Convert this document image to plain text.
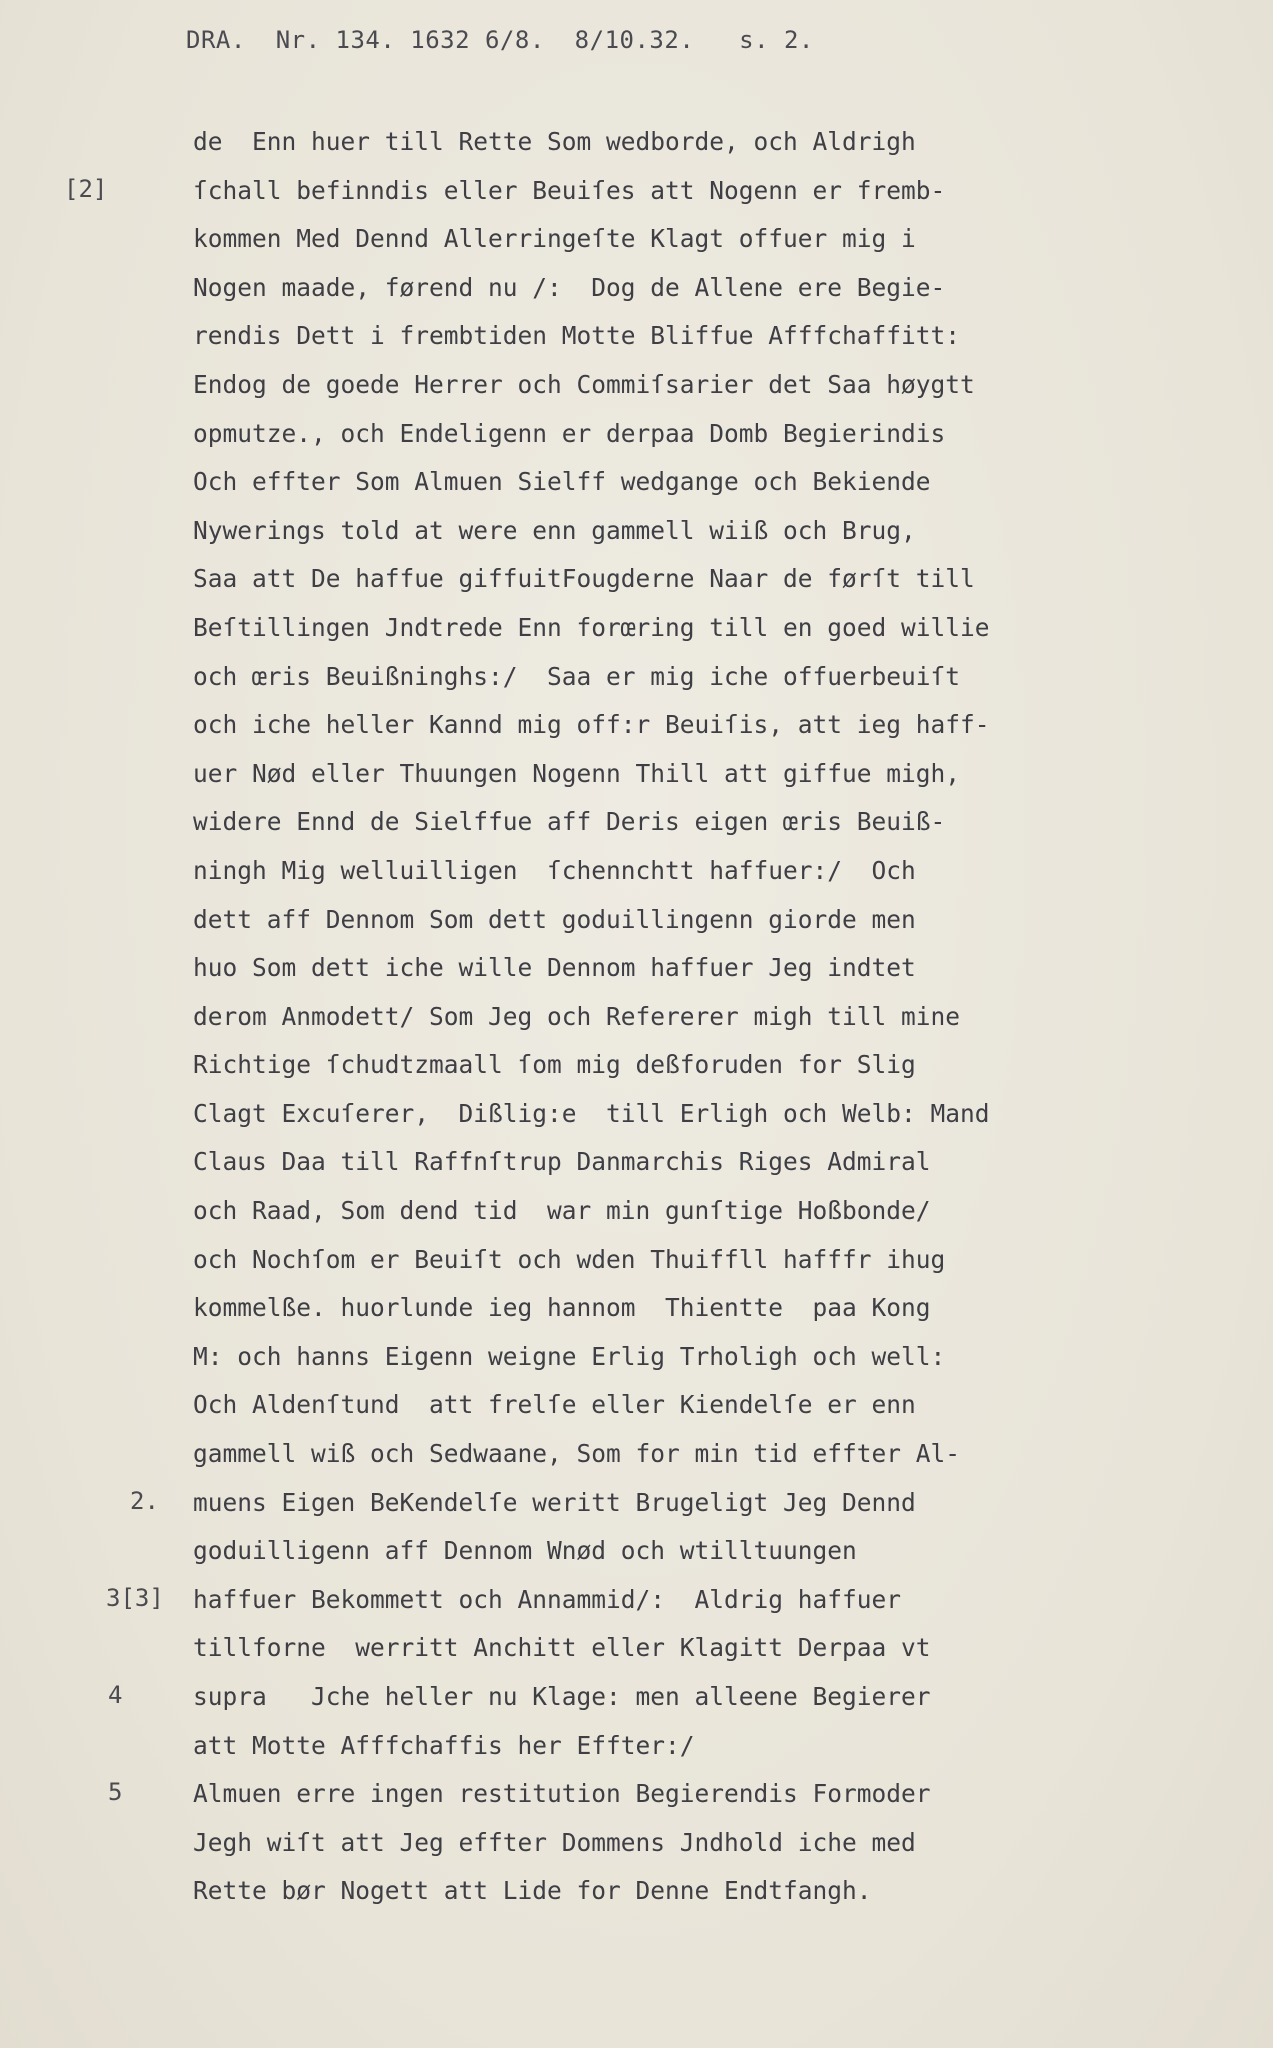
DRA.  Nr. 134. 1632 6/8.  8/10.32.   s. 2.
[2]
2.
3[3]
4
5
de  Enn huer till Rette Som wedborde, och Aldrigh
ſchall befinndis eller Beuiſes att Nogenn er fremb-
kommen Med Dennd Allerringeſte Klagt offuer mig i
Nogen maade, førend nu /:  Dog de Allene ere Begie-
rendis Dett i frembtiden Motte Bliffue Afffchaffitt:
Endog de goede Herrer och Commiſsarier det Saa høygtt
opmutze., och Endeligenn er derpaa Domb Begierindis
Och effter Som Almuen Sielff wedgange och Bekiende
Nywerings told at were enn gammell wiiß och Brug,
Saa att De haffue giffuitFougderne Naar de førſt till
Beſtillingen Jndtrede Enn forœring till en goed willie
och œris Beuißninghs:/  Saa er mig iche offuerbeuiſt
och iche heller Kannd mig off:r Beuiſis, att ieg haff-
uer Nød eller Thuungen Nogenn Thill att giffue migh,
widere Ennd de Sielffue aff Deris eigen œris Beuiß-
ningh Mig welluilligen  ſchennchtt haffuer:/  Och
dett aff Dennom Som dett goduillingenn giorde men
huo Som dett iche wille Dennom haffuer Jeg indtet
derom Anmodett/ Som Jeg och Refererer migh till mine
Richtige ſchudtzmaall ſom mig deßforuden for Slig
Clagt Excuſerer,  Dißlig:e  till Erligh och Welb: Mand
Claus Daa till Raffnſtrup Danmarchis Riges Admiral
och Raad, Som dend tid  war min gunſtige Hoßbonde/
och Nochſom er Beuiſt och wden Thuiffll hafffr ihug
kommelße. huorlunde ieg hannom  Thientte  paa Kong
M: och hanns Eigenn weigne Erlig Trholigh och well:
Och Aldenſtund  att frelſe eller Kiendelſe er enn
gammell wiß och Sedwaane, Som for min tid effter Al-
muens Eigen BeKendelſe weritt Brugeligt Jeg Dennd
goduilligenn aff Dennom Wnød och wtilltuungen
haffuer Bekommett och Annammid/:  Aldrig haffuer
tillforne  werritt Anchitt eller Klagitt Derpaa vt
supra   Jche heller nu Klage: men alleene Begierer
att Motte Afffchaffis her Effter:/
Almuen erre ingen restitution Begierendis Formoder
Jegh wiſt att Jeg effter Dommens Jndhold iche med
Rette bør Nogett att Lide for Denne Endtfangh.
